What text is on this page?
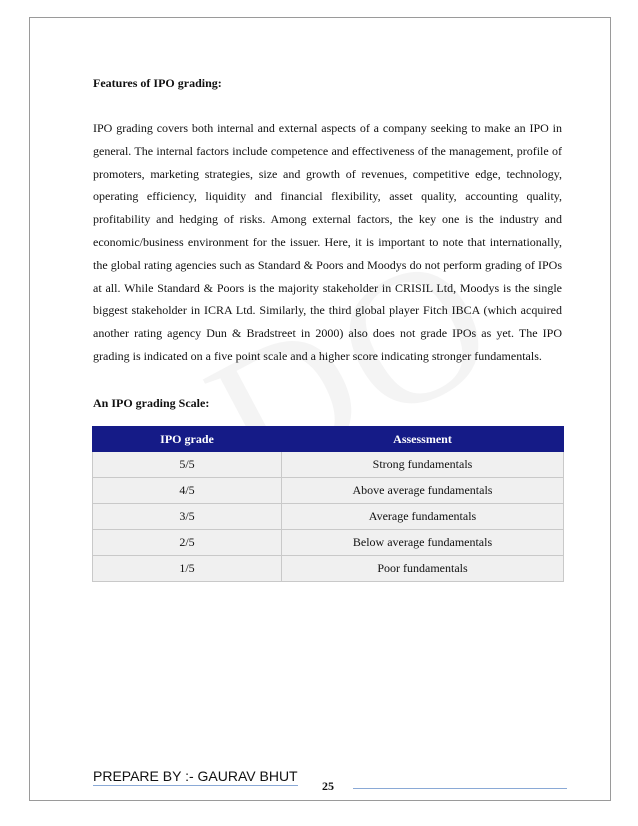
Features of IPO grading:
IPO grading covers both internal and external aspects of a company seeking to make an IPO in general. The internal factors include competence and effectiveness of the management, profile of promoters, marketing strategies, size and growth of revenues, competitive edge, technology, operating efficiency, liquidity and financial flexibility, asset quality, accounting quality, profitability and hedging of risks. Among external factors, the key one is the industry and economic/business environment for the issuer. Here, it is important to note that internationally, the global rating agencies such as Standard & Poors and Moodys do not perform grading of IPOs at all. While Standard & Poors is the majority stakeholder in CRISIL Ltd, Moodys is the single biggest stakeholder in ICRA Ltd. Similarly, the third global player Fitch IBCA (which acquired another rating agency Dun & Bradstreet in 2000) also does not grade IPOs as yet. The IPO grading is indicated on a five point scale and a higher score indicating stronger fundamentals.
An IPO grading Scale:
IPO grade	Assessment
5/5	Strong fundamentals
4/5	Above average fundamentals
3/5	Average fundamentals
2/5	Below average fundamentals
1/5	Poor fundamentals
PREPARE BY :- GAURAV BHUT
25
